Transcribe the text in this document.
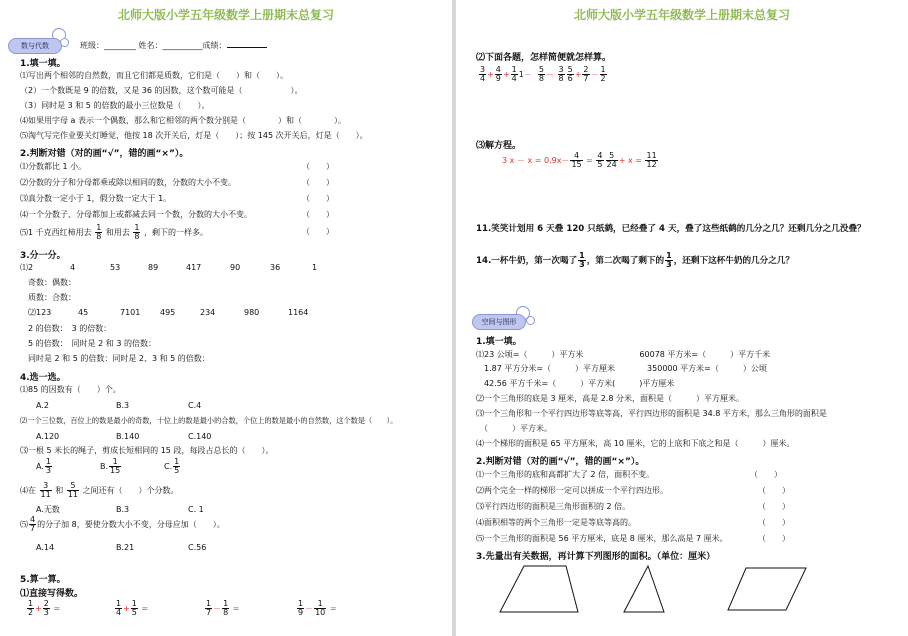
北师大版小学五年级数学上册期末总复习
数与代数	班级：________ 姓名：__________成绩：
1.填一填。
⑴写出两个相邻的自然数，而且它们都是质数，它们是（　　）和（　　）。
（2）一个数既是 9 的倍数，又是 36 的因数，这个数可能是（　　　　　　）。
（3）同时是 3 和 5 的倍数的最小三位数是（　　）。
⑷如果用字母 a 表示一个偶数，那么和它相邻的两个数分别是（　　　　）和（　　　　）。
⑸淘气写完作业要关灯睡觉，他按 18 次开关后，灯是（　　）；按 145 次开关后，灯是（　　）。
2.判断对错（对的画“√”，错的画“×”）。
⑴分数都比 1 小。	（　　）
⑵分数的分子和分母都乘或除以相同的数，分数的大小不变。	（　　）
⑶真分数一定小于 1，假分数一定大于 1。	（　　）
⑷一个分数子、分母都加上或都减去同一个数，分数的大小不变。	（　　）
⑸1 千克西红柿用去 $\frac{1}{8}$ 和用去 $\frac{1}{8}$ ，剩下的一样多。	（　　）
3.分一分。
⑴2	4	53	89	417	90	36	1
奇数：偶数：
质数：合数：
⑵123	45	7101 495	234	980	1164
2 的倍数：　3 的倍数：
5 的倍数：　同时是 2 和 3 的倍数：
同时是 2 和 5 的倍数：同时是 2、3 和 5 的倍数：
4.选一选。
⑴85 的因数有（　　）个。
A.2	B.3	C.4
⑵一个三位数，百位上的数是最小的奇数，十位上的数是最小的合数，个位上的数是最小的自然数，这个数是（　　）。
A.120	B.140	C.140
⑶一根 5 米长的绳子，剪成长短相同的 15 段，每段占总长的（　　）。
A. $\frac{1}{3}$	B. $\frac{1}{15}$	C. $\frac{1}{5}$
⑷在 $\frac{3}{11}$ 和 $\frac{5}{11}$ 之间还有（　　）个分数。
A.无数	B.3	C. 1
⑸ $\frac{4}{7}$ 的分子加 8，要使分数大小不变，分母应加（　　）。
A.14	B.21	C.56
5.算一算。
⑴直接写得数。
$\frac{1}{2} + \frac{2}{3}$ =	$\frac{1}{4} + \frac{1}{5}$ =	$\frac{1}{7} - \frac{1}{8}$ =	$\frac{1}{9} - \frac{1}{10}$ =
北师大版小学五年级数学上册期末总复习
⑵下面各题，怎样简便就怎样算。
$\frac{3}{4} + \frac{4}{9} + \frac{1}{4} 1- \frac{5}{8} - \frac{3}{8} \frac{5}{6} + \frac{2}{7} - \frac{1}{2}$
⑶解方程。
3 $x - x = 0.9x- \frac{4}{15} = \frac{4}{5} \frac{5}{24} + x = \frac{11}{12}$
11.笑笑计划用 6 天叠 120 只纸鹤，已经叠了 4 天，叠了这些纸鹤的几分之几？还剩几分之几没叠？
14.一杯牛奶，第一次喝了 $\frac{1}{3}$ ，第二次喝了剩下的 $\frac{1}{3}$ ，还剩下这杯牛奶的几分之几？
空间与图形
1.填一填。
⑴23 公顷=（　　　）平方米　　　　　　　60078 平方米=（　　　）平方千米
　1.87 平方分米=（　　　）平方厘米　　　　350000 平方米=（　　　）公顷
　42.56 平方千米=（　　　）平方米(　　　)平方厘米
⑵一个三角形的底是 3 厘米，高是 2.8 分米，面积是（　　　）平方厘米。
⑶一个三角形和一个平行四边形等底等高，平行四边形的面积是 34.8 平方米，那么三角形的面积是
　（　　　）平方米。
⑷一个梯形的面积是 65 平方厘米，高 10 厘米，它的上底和下底之和是（　　　）厘米。
2.判断对错（对的画“√”，错的画“×”）。
⑴一个三角形的底和高都扩大了 2 倍，面积不变。	（　　）
⑵两个完全一样的梯形一定可以拼成一个平行四边形。	（　　）
⑶平行四边形的面积是三角形面积的 2 倍。	（　　）
⑷面积相等的两个三角形一定是等底等高的。	（　　）
⑸一个三角形的面积是 56 平方厘米，底是 8 厘米，那么高是 7 厘米。	（　　）
3.先量出有关数据，再计算下列图形的面积。（单位：厘米）
